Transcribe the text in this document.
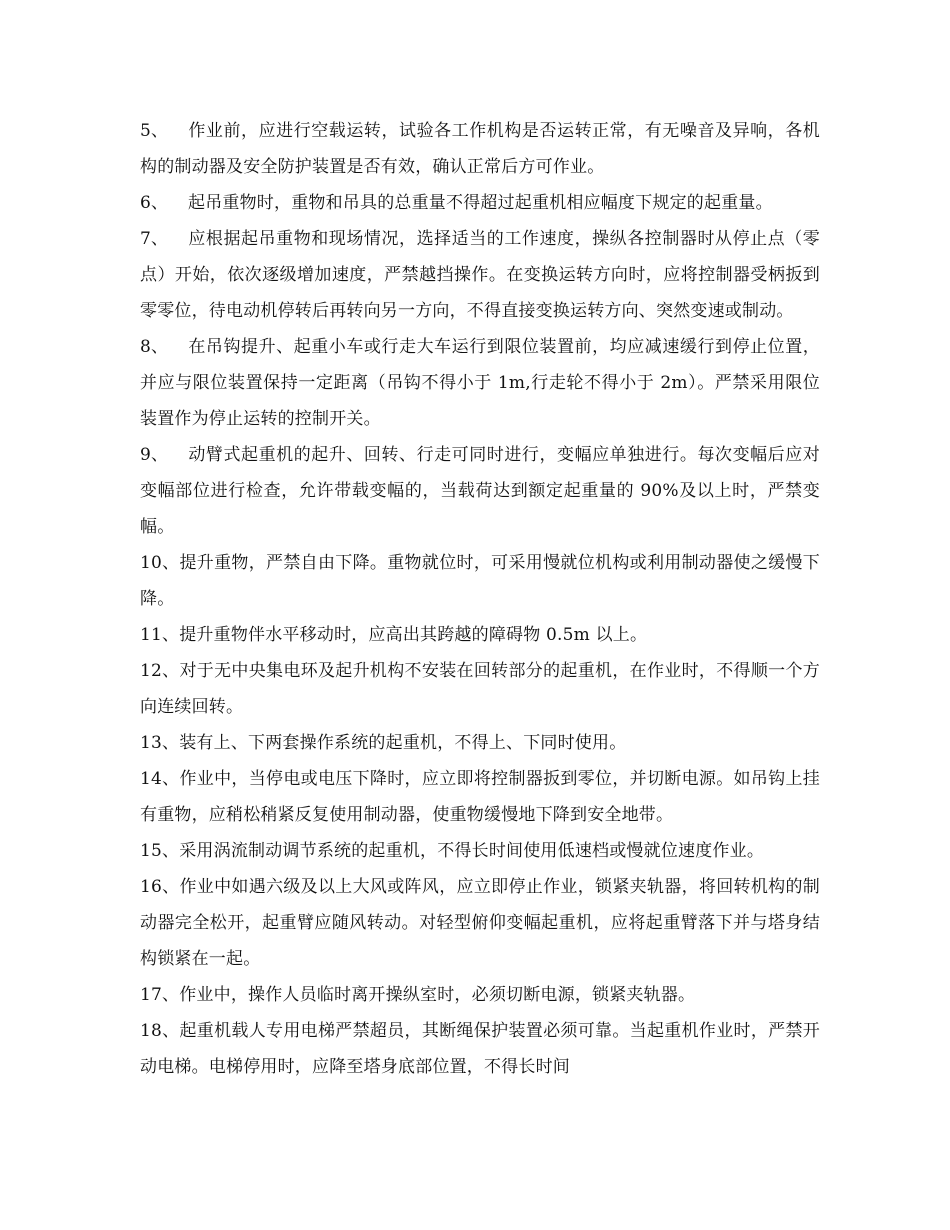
5、 作业前，应进行空载运转，试验各工作机构是否运转正常，有无噪音及异响，各机构的制动器及安全防护装置是否有效，确认正常后方可作业。

6、 起吊重物时，重物和吊具的总重量不得超过起重机相应幅度下规定的起重量。

7、 应根据起吊重物和现场情况，选择适当的工作速度，操纵各控制器时从停止点（零点）开始，依次逐级增加速度，严禁越挡操作。在变换运转方向时，应将控制器受柄扳到零零位，待电动机停转后再转向另一方向，不得直接变换运转方向、突然变速或制动。

8、 在吊钩提升、起重小车或行走大车运行到限位装置前，均应减速缓行到停止位置，并应与限位装置保持一定距离（吊钩不得小于 1m,行走轮不得小于 2m）。严禁采用限位装置作为停止运转的控制开关。

9、 动臂式起重机的起升、回转、行走可同时进行，变幅应单独进行。每次变幅后应对变幅部位进行检查，允许带载变幅的，当载荷达到额定起重量的 90%及以上时，严禁变幅。

10、提升重物，严禁自由下降。重物就位时，可采用慢就位机构或利用制动器使之缓慢下降。

11、提升重物伴水平移动时，应高出其跨越的障碍物 0.5m 以上。

12、对于无中央集电环及起升机构不安装在回转部分的起重机，在作业时，不得顺一个方向连续回转。

13、装有上、下两套操作系统的起重机，不得上、下同时使用。

14、作业中，当停电或电压下降时，应立即将控制器扳到零位，并切断电源。如吊钩上挂有重物，应稍松稍紧反复使用制动器，使重物缓慢地下降到安全地带。

15、采用涡流制动调节系统的起重机，不得长时间使用低速档或慢就位速度作业。

16、作业中如遇六级及以上大风或阵风，应立即停止作业，锁紧夹轨器，将回转机构的制动器完全松开，起重臂应随风转动。对轻型俯仰变幅起重机，应将起重臂落下并与塔身结构锁紧在一起。

17、作业中，操作人员临时离开操纵室时，必须切断电源，锁紧夹轨器。

18、起重机载人专用电梯严禁超员，其断绳保护装置必须可靠。当起重机作业时，严禁开动电梯。电梯停用时，应降至塔身底部位置，不得长时间
